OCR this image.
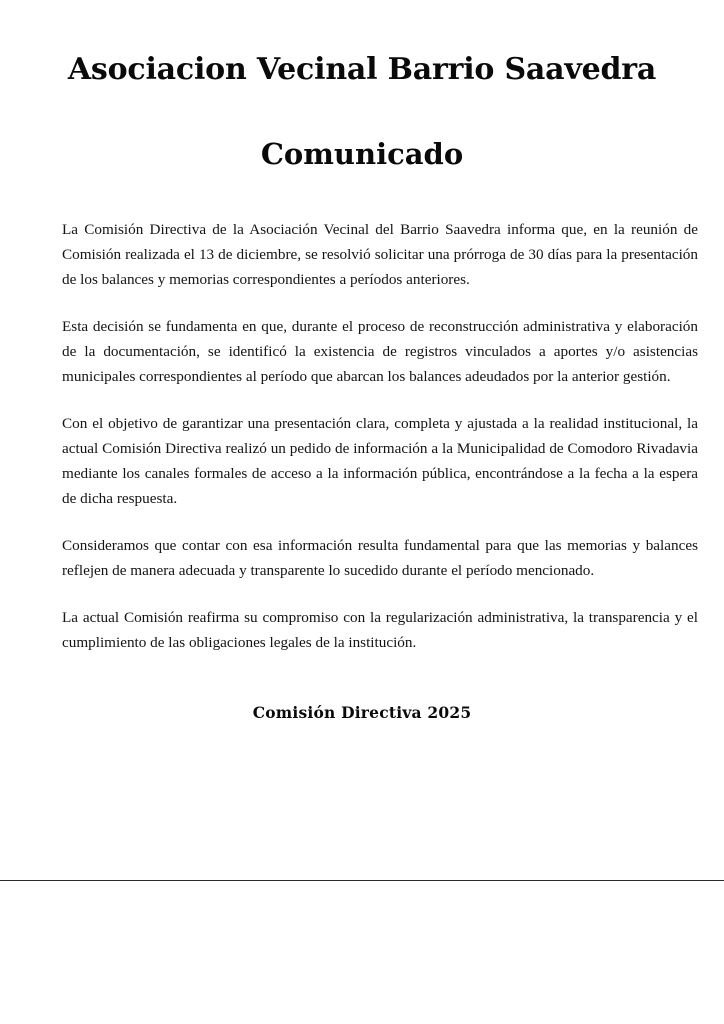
Asociacion Vecinal Barrio Saavedra
Comunicado

La Comisión Directiva de la Asociación Vecinal del Barrio Saavedra informa que, en la reunión de Comisión realizada el 13 de diciembre, se resolvió solicitar una prórroga de 30 días para la presentación de los balances y memorias correspondientes a períodos anteriores.

Esta decisión se fundamenta en que, durante el proceso de reconstrucción administrativa y elaboración de la documentación, se identificó la existencia de registros vinculados a aportes y/o asistencias municipales correspondientes al período que abarcan los balances adeudados por la anterior gestión.

Con el objetivo de garantizar una presentación clara, completa y ajustada a la realidad institucional, la actual Comisión Directiva realizó un pedido de información a la Municipalidad de Comodoro Rivadavia mediante los canales formales de acceso a la información pública, encontrándose a la fecha a la espera de dicha respuesta.

Consideramos que contar con esa información resulta fundamental para que las memorias y balances reflejen de manera adecuada y transparente lo sucedido durante el período mencionado.

La actual Comisión reafirma su compromiso con la regularización administrativa, la transparencia y el cumplimiento de las obligaciones legales de la institución.

Comisión Directiva 2025
